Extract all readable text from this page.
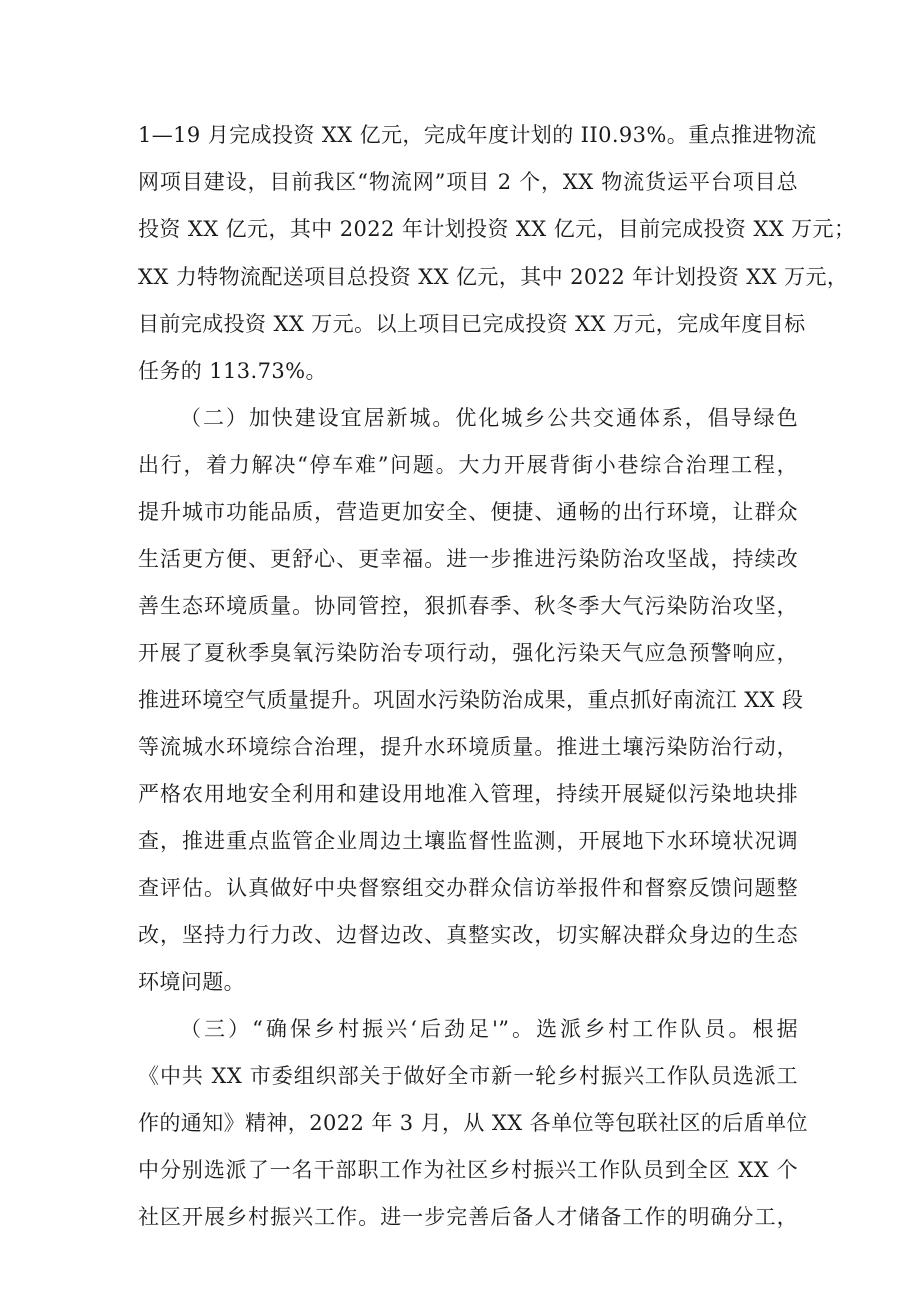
1—19 月完成投资 XX 亿元，完成年度计划的 II0.93%。重点推进物流
网项目建设，目前我区“物流网”项目 2 个，XX 物流货运平台项目总
投资 XX 亿元，其中 2022 年计划投资 XX 亿元，目前完成投资 XX 万元；
XX 力特物流配送项目总投资 XX 亿元，其中 2022 年计划投资 XX 万元，
目前完成投资 XX 万元。以上项目已完成投资 XX 万元，完成年度目标
任务的 113.73%。
（二）加快建设宜居新城。优化城乡公共交通体系，倡导绿色
出行，着力解决“停车难”问题。大力开展背街小巷综合治理工程，
提升城市功能品质，营造更加安全、便捷、通畅的出行环境，让群众
生活更方便、更舒心、更幸福。进一步推进污染防治攻坚战，持续改
善生态环境质量。协同管控，狠抓春季、秋冬季大气污染防治攻坚，
开展了夏秋季臭氧污染防治专项行动，强化污染天气应急预警响应，
推进环境空气质量提升。巩固水污染防治成果，重点抓好南流江 XX 段
等流城水环境综合治理，提升水环境质量。推进土壤污染防治行动，
严格农用地安全利用和建设用地准入管理，持续开展疑似污染地块排
查，推进重点监管企业周边土壤监督性监测，开展地下水环境状况调
查评估。认真做好中央督察组交办群众信访举报件和督察反馈问题整
改，坚持力行力改、边督边改、真整实改，切实解决群众身边的生态
环境问题。
（三）“确保乡村振兴‘后劲足'”。选派乡村工作队员。根据
《中共 XX 市委组织部关于做好全市新一轮乡村振兴工作队员选派工
作的通知》精神，2022 年 3 月，从 XX 各单位等包联社区的后盾单位
中分别选派了一名干部职工作为社区乡村振兴工作队员到全区 XX 个
社区开展乡村振兴工作。进一步完善后备人才储备工作的明确分工，
